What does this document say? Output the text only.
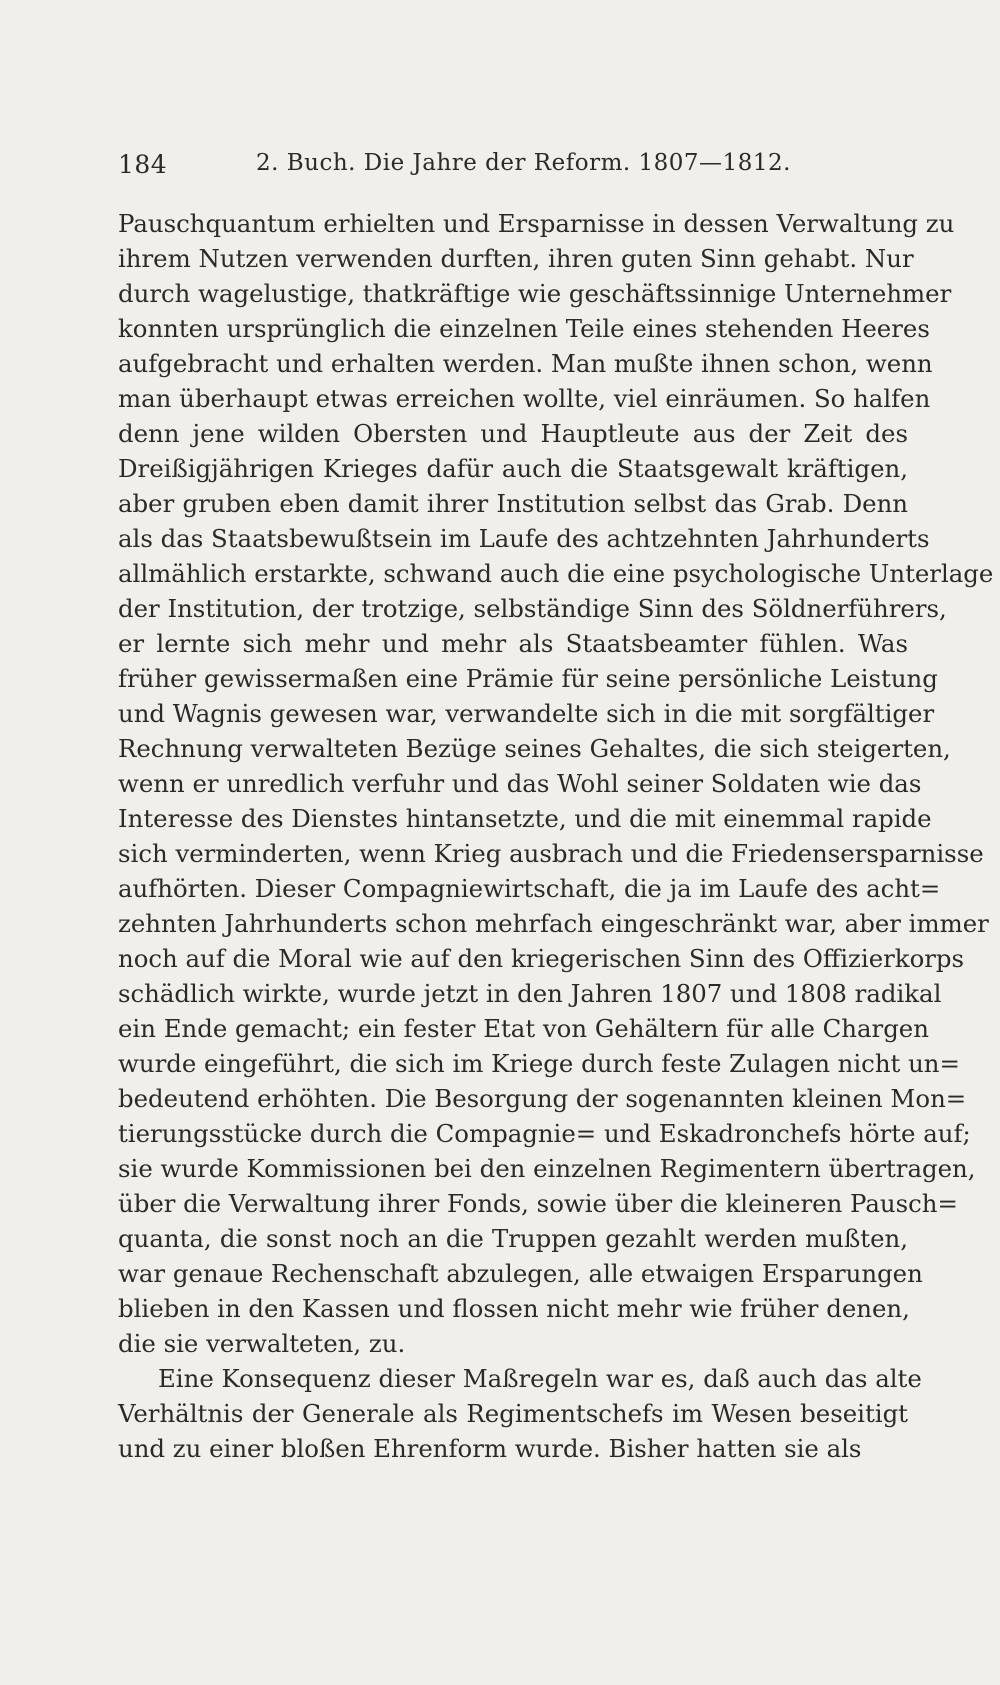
184	2. Buch. Die Jahre der Reform. 1807—1812.
Pauschquantum erhielten und Ersparnisse in dessen Verwaltung zu
ihrem Nutzen verwenden durften, ihren guten Sinn gehabt. Nur
durch wagelustige, thatkräftige wie geschäftssinnige Unternehmer
konnten ursprünglich die einzelnen Teile eines stehenden Heeres
aufgebracht und erhalten werden. Man mußte ihnen schon, wenn
man überhaupt etwas erreichen wollte, viel einräumen. So halfen
denn jene wilden Obersten und Hauptleute aus der Zeit des
Dreißigjährigen Krieges dafür auch die Staatsgewalt kräftigen,
aber gruben eben damit ihrer Institution selbst das Grab. Denn
als das Staatsbewußtsein im Laufe des achtzehnten Jahrhunderts
allmählich erstarkte, schwand auch die eine psychologische Unterlage
der Institution, der trotzige, selbständige Sinn des Söldnerführers,
er lernte sich mehr und mehr als Staatsbeamter fühlen. Was
früher gewissermaßen eine Prämie für seine persönliche Leistung
und Wagnis gewesen war, verwandelte sich in die mit sorgfältiger
Rechnung verwalteten Bezüge seines Gehaltes, die sich steigerten,
wenn er unredlich verfuhr und das Wohl seiner Soldaten wie das
Interesse des Dienstes hintansetzte, und die mit einemmal rapide
sich verminderten, wenn Krieg ausbrach und die Friedensersparnisse
aufhörten. Dieser Compagniewirtschaft, die ja im Laufe des acht=
zehnten Jahrhunderts schon mehrfach eingeschränkt war, aber immer
noch auf die Moral wie auf den kriegerischen Sinn des Offizierkorps
schädlich wirkte, wurde jetzt in den Jahren 1807 und 1808 radikal
ein Ende gemacht; ein fester Etat von Gehältern für alle Chargen
wurde eingeführt, die sich im Kriege durch feste Zulagen nicht un=
bedeutend erhöhten. Die Besorgung der sogenannten kleinen Mon=
tierungsstücke durch die Compagnie= und Eskadronchefs hörte auf;
sie wurde Kommissionen bei den einzelnen Regimentern übertragen,
über die Verwaltung ihrer Fonds, sowie über die kleineren Pausch=
quanta, die sonst noch an die Truppen gezahlt werden mußten,
war genaue Rechenschaft abzulegen, alle etwaigen Ersparungen
blieben in den Kassen und flossen nicht mehr wie früher denen,
die sie verwalteten, zu.
Eine Konsequenz dieser Maßregeln war es, daß auch das alte
Verhältnis der Generale als Regimentschefs im Wesen beseitigt
und zu einer bloßen Ehrenform wurde. Bisher hatten sie als
